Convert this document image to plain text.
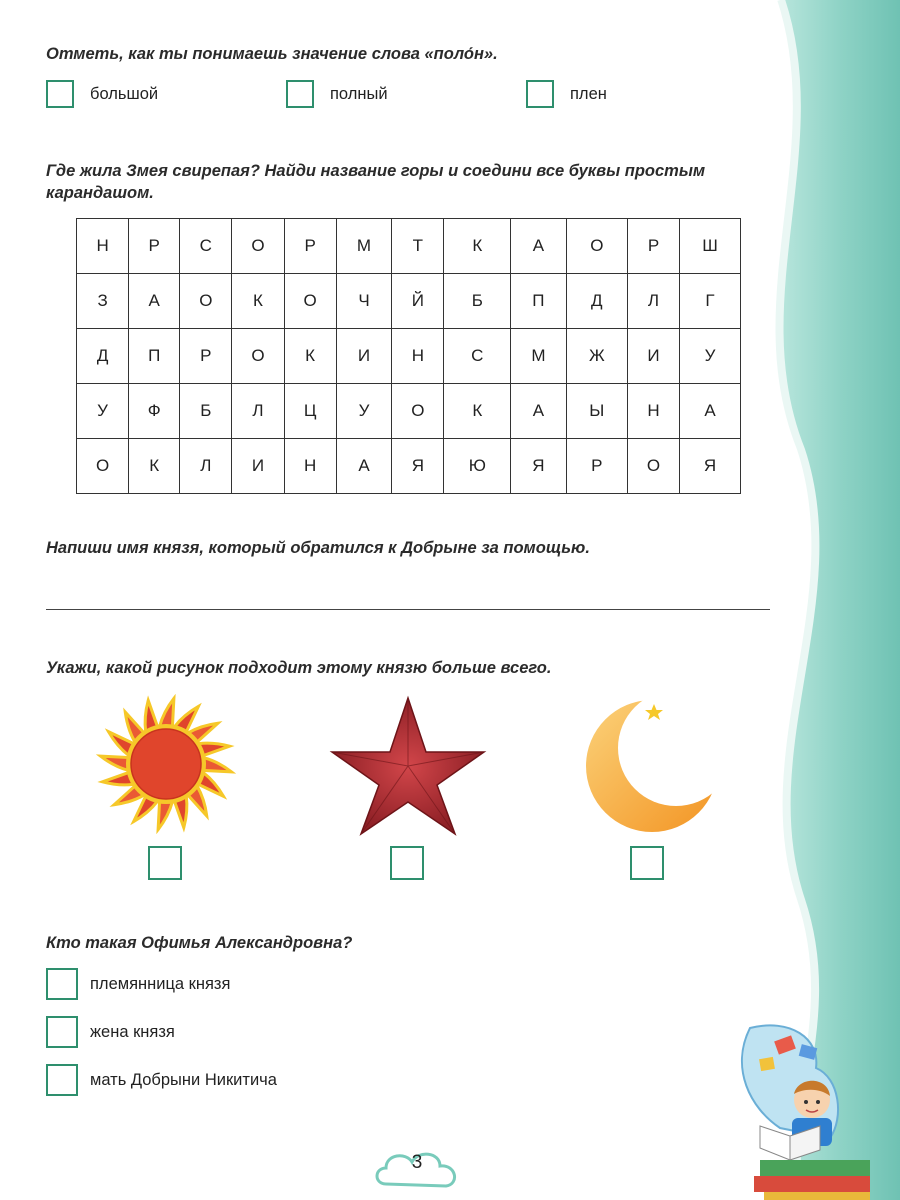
Отметь, как ты понимаешь значение слова «поло́н».

большой	полный	плен

Где жила Змея свирепая? Найди название горы и соедини все буквы простым

карандашом.

Н	Р	С	О	Р	М	Т	К	А	О	Р	Ш
З	А	О	К	О	Ч	Й	Б	П	Д	Л	Г
Д	П	Р	О	К	И	Н	С	М	Ж	И	У
У	Ф	Б	Л	Ц	У	О	К	А	Ы	Н	А
О	К	Л	И	Н	А	Я	Ю	Я	Р	О	Я

Напиши имя князя, который обратился к Добрыне за помощью.

Укажи, какой рисунок подходит этому князю больше всего.

Кто такая Офимья Александровна?

племянница князя
жена князя
мать Добрыни Никитича
3
